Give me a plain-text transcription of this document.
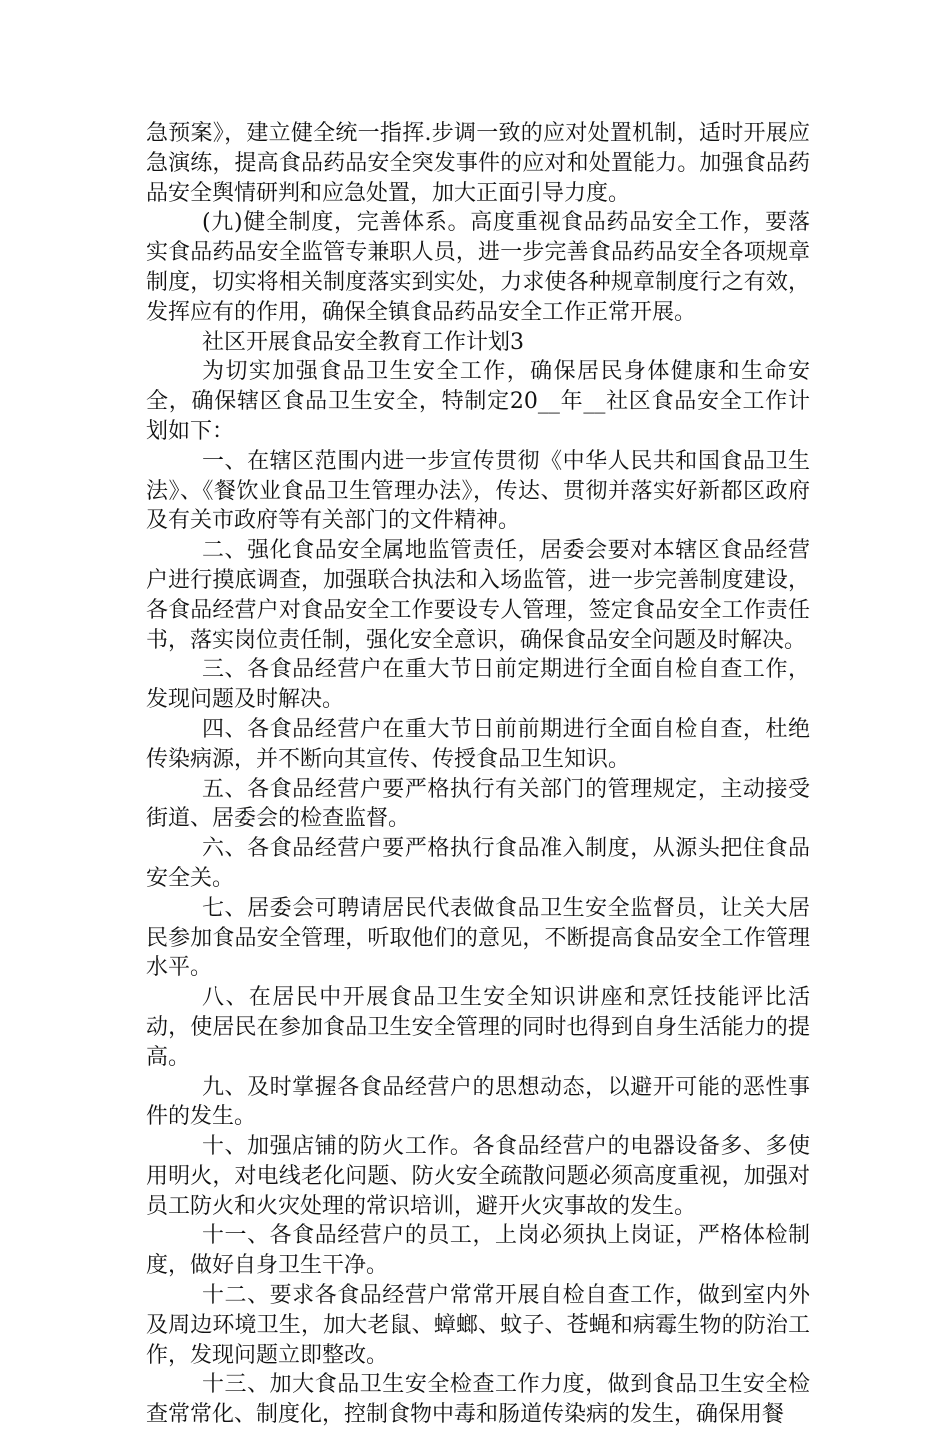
急预案》，建立健全统一指挥.步调一致的应对处置机制，适时开展应急演练，提高食品药品安全突发事件的应对和处置能力。加强食品药品安全舆情研判和应急处置，加大正面引导力度。

(九)健全制度，完善体系。高度重视食品药品安全工作，要落实食品药品安全监管专兼职人员，进一步完善食品药品安全各项规章制度，切实将相关制度落实到实处，力求使各种规章制度行之有效，发挥应有的作用，确保全镇食品药品安全工作正常开展。

社区开展食品安全教育工作计划3

为切实加强食品卫生安全工作，确保居民身体健康和生命安全，确保辖区食品卫生安全，特制定20__年__社区食品安全工作计划如下：

一、在辖区范围内进一步宣传贯彻《中华人民共和国食品卫生法》、《餐饮业食品卫生管理办法》，传达、贯彻并落实好新都区政府及有关市政府等有关部门的文件精神。

二、强化食品安全属地监管责任，居委会要对本辖区食品经营户进行摸底调查，加强联合执法和入场监管，进一步完善制度建设，各食品经营户对食品安全工作要设专人管理，签定食品安全工作责任书，落实岗位责任制，强化安全意识，确保食品安全问题及时解决。

三、各食品经营户在重大节日前定期进行全面自检自查工作，发现问题及时解决。

四、各食品经营户在重大节日前前期进行全面自检自查，杜绝传染病源，并不断向其宣传、传授食品卫生知识。

五、各食品经营户要严格执行有关部门的管理规定，主动接受街道、居委会的检查监督。

六、各食品经营户要严格执行食品准入制度，从源头把住食品安全关。

七、居委会可聘请居民代表做食品卫生安全监督员，让关大居民参加食品安全管理，听取他们的意见，不断提高食品安全工作管理水平。

八、在居民中开展食品卫生安全知识讲座和烹饪技能评比活动，使居民在参加食品卫生安全管理的同时也得到自身生活能力的提高。

九、及时掌握各食品经营户的思想动态，以避开可能的恶性事件的发生。

十、加强店铺的防火工作。各食品经营户的电器设备多、多使用明火，对电线老化问题、防火安全疏散问题必须高度重视，加强对员工防火和火灾处理的常识培训，避开火灾事故的发生。

十一、各食品经营户的员工，上岗必须执上岗证，严格体检制度，做好自身卫生干净。

十二、要求各食品经营户常常开展自检自查工作，做到室内外及周边环境卫生，加大老鼠、蟑螂、蚊子、苍蝇和病霉生物的防治工作，发现问题立即整改。

十三、加大食品卫生安全检查工作力度，做到食品卫生安全检查常常化、制度化，控制食物中毒和肠道传染病的发生，确保用餐
